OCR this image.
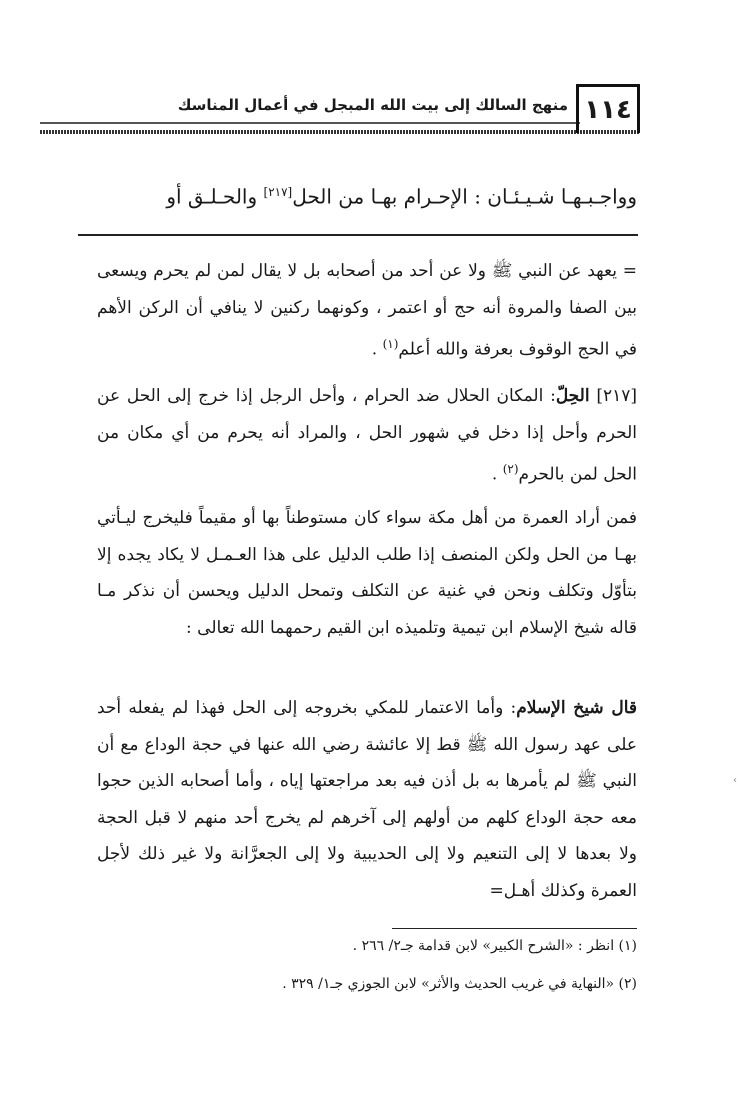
١١٤
منهج السالك إلى بيت الله المبجل في أعمال المناسك

وواجـبـهـا شـيـئـان : الإحـرام بهـا من الحل[٢١٧] والحـلـق أو

= يعهد عن النبي ﷺ ولا عن أحد من أصحابه بل لا يقال لمن لم يحرم ويسعى بين الصفا والمروة أنه حج أو اعتمر ، وكونهما ركنين لا ينافي أن الركن الأهم في الحج الوقوف بعرفة والله أعلم$^{(١)}$ .

[٢١٧] الحِلّ: المكان الحلال ضد الحرام ، وأحل الرجل إذا خرج إلى الحل عن الحرم وأحل إذا دخل في شهور الحل ، والمراد أنه يحرم من أي مكان من الحل لمن بالحرم$^{(٢)}$ .

فمن أراد العمرة من أهل مكة سواء كان مستوطناً بها أو مقيماً فليخرج ليـأتي بهـا من الحل ولكن المنصف إذا طلب الدليل على هذا العـمـل لا يكاد يجده إلا بتأوّل وتكلف ونحن في غنية عن التكلف وتمحل الدليل ويحسن أن نذكر مـا قاله شيخ الإسلام ابن تيمية وتلميذه ابن القيم رحمهما الله تعالى :

قال شيخ الإسلام: وأما الاعتمار للمكي بخروجه إلى الحل فهذا لم يفعله أحد على عهد رسول الله ﷺ قط إلا عائشة رضي الله عنها في حجة الوداع مع أن النبي ﷺ لم يأمرها به بل أذن فيه بعد مراجعتها إياه ، وأما أصحابه الذين حجوا معه حجة الوداع كلهم من أولهم إلى آخرهم لم يخرج أحد منهم لا قبل الحجة ولا بعدها لا إلى التنعيم ولا إلى الحديبية ولا إلى الجعرَّانة ولا غير ذلك لأجل العمرة وكذلك أهـل=

(١) انظر : «الشرح الكبير» لابن قدامة جـ٢/ ٢٦٦ .

(٢) «النهاية في غريب الحديث والأثر» لابن الجوزي جـ١/ ٣٢٩ .

‹
